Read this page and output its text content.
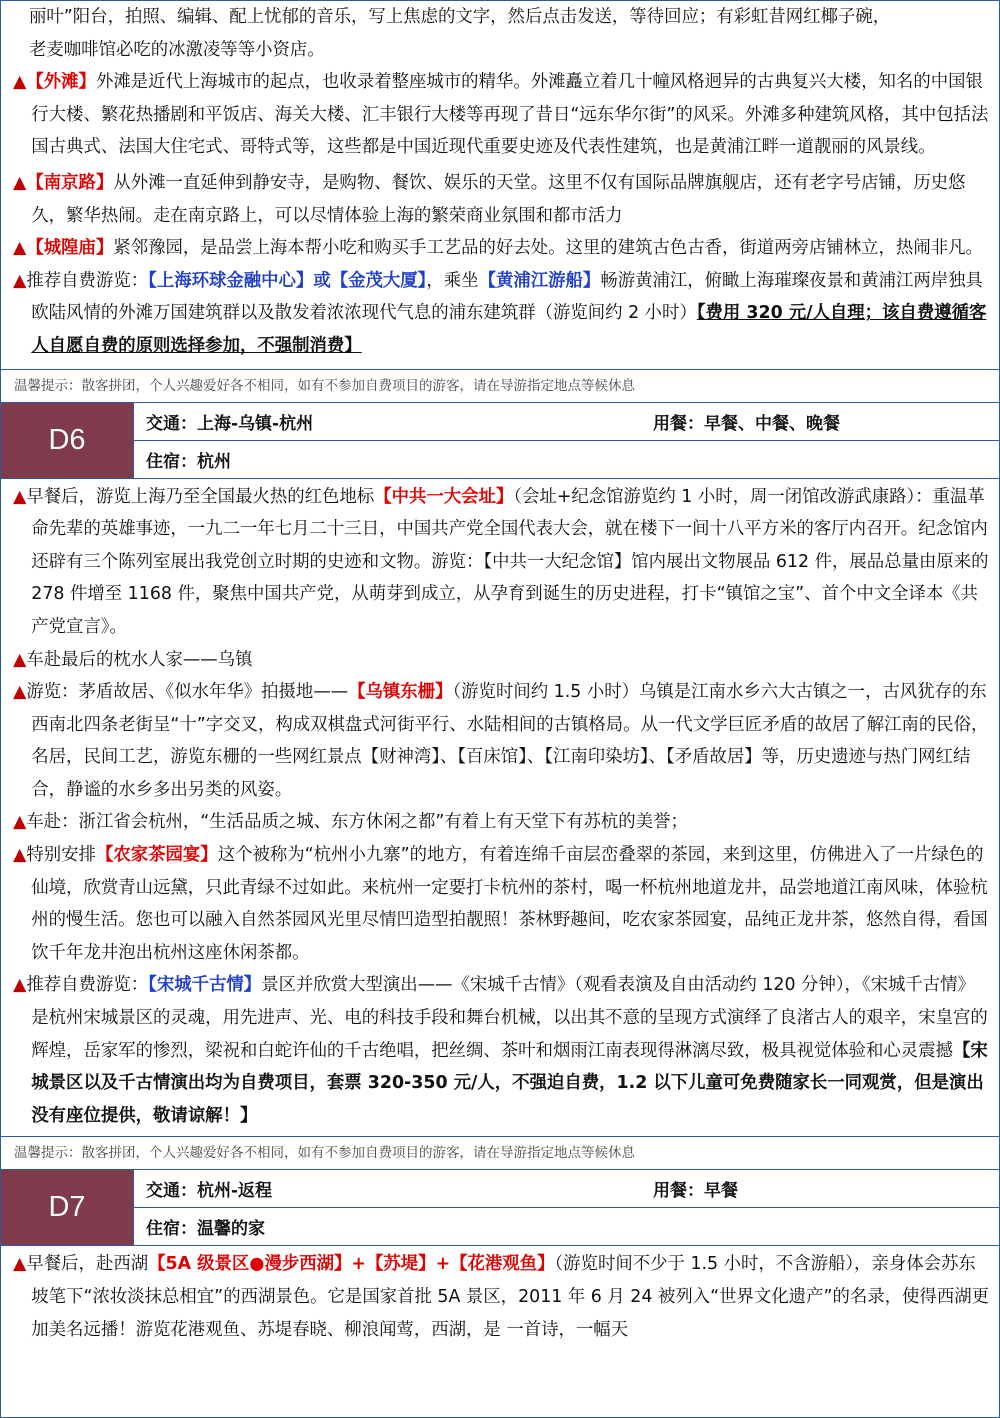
丽叶”阳台，拍照、编辑、配上忧郁的音乐，写上焦虑的文字，然后点击发送，等待回应；有彩虹昔网红椰子碗，
老麦咖啡馆必吃的冰激凌等等小资店。
▲【外滩】外滩是近代上海城市的起点，也收录着整座城市的精华。外滩矗立着几十幢风格迥异的古典复兴大楼，知名的中国银行大楼、繁花热播剧和平饭店、海关大楼、汇丰银行大楼等再现了昔日“远东华尔街”的风采。外滩多种建筑风格，其中包括法国古典式、法国大住宅式、哥特式等，这些都是中国近现代重要史迹及代表性建筑，也是黄浦江畔一道靓丽的风景线。
▲【南京路】从外滩一直延伸到静安寺，是购物、餐饮、娱乐的天堂。这里不仅有国际品牌旗舰店，还有老字号店铺，历史悠久，繁华热闹。走在南京路上，可以尽情体验上海的繁荣商业氛围和都市活力
▲【城隍庙】紧邻豫园，是品尝上海本帮小吃和购买手工艺品的好去处。这里的建筑古色古香，街道两旁店铺林立，热闹非凡。
▲推荐自费游览：【上海环球金融中心】或【金茂大厦】，乘坐【黄浦江游船】畅游黄浦江，俯瞰上海璀璨夜景和黄浦江两岸独具欧陆风情的外滩万国建筑群以及散发着浓浓现代气息的浦东建筑群（游览间约 2 小时）【费用 320 元/人自理；该自费遵循客人自愿自费的原则选择参加，不强制消费】
温馨提示：散客拼团，个人兴趣爱好各不相同，如有不参加自费项目的游客，请在导游指定地点等候休息
D6	交通：上海-乌镇-杭州	用餐：早餐、中餐、晚餐
住宿：杭州
▲早餐后，游览上海乃至全国最火热的红色地标【中共一大会址】（会址+纪念馆游览约 1 小时，周一闭馆改游武康路）：重温革命先辈的英雄事迹，一九二一年七月二十三日，中国共产党全国代表大会，就在楼下一间十八平方米的客厅内召开。纪念馆内还辟有三个陈列室展出我党创立时期的史迹和文物。游览：【中共一大纪念馆】馆内展出文物展品 612 件，展品总量由原来的 278 件增至 1168 件，聚焦中国共产党，从萌芽到成立，从孕育到诞生的历史进程，打卡“镇馆之宝”、首个中文全译本《共产党宣言》。
▲车赴最后的枕水人家——乌镇
▲游览：茅盾故居、《似水年华》拍摄地——【乌镇东栅】（游览时间约 1.5 小时）乌镇是江南水乡六大古镇之一，古风犹存的东西南北四条老街呈“十”字交叉，构成双棋盘式河街平行、水陆相间的古镇格局。从一代文学巨匠矛盾的故居了解江南的民俗，名居，民间工艺，游览东栅的一些网红景点【财神湾】、【百床馆】、【江南印染坊】、【矛盾故居】等，历史遗迹与热门网红结合，静谧的水乡多出另类的风姿。
▲车赴：浙江省会杭州，“生活品质之城、东方休闲之都”有着上有天堂下有苏杭的美誉；
▲特别安排【农家茶园宴】这个被称为“杭州小九寨”的地方，有着连绵千亩层峦叠翠的茶园，来到这里，仿佛进入了一片绿色的仙境，欣赏青山远黛，只此青绿不过如此。来杭州一定要打卡杭州的茶村，喝一杯杭州地道龙井，品尝地道江南风味，体验杭州的慢生活。您也可以融入自然茶园风光里尽情凹造型拍靓照！茶林野趣间，吃农家茶园宴，品纯正龙井茶，悠然自得，看国饮千年龙井泡出杭州这座休闲茶都。
▲推荐自费游览：【宋城千古情】景区并欣赏大型演出——《宋城千古情》（观看表演及自由活动约 120 分钟），《宋城千古情》是杭州宋城景区的灵魂，用先进声、光、电的科技手段和舞台机械，以出其不意的呈现方式演绎了良渚古人的艰辛，宋皇宫的辉煌，岳家军的惨烈，梁祝和白蛇许仙的千古绝唱，把丝绸、茶叶和烟雨江南表现得淋漓尽致，极具视觉体验和心灵震撼【宋城景区以及千古情演出均为自费项目，套票 320-350 元/人，不强迫自费，1.2 以下儿童可免费随家长一同观赏，但是演出没有座位提供，敬请谅解！】
温馨提示：散客拼团，个人兴趣爱好各不相同，如有不参加自费项目的游客，请在导游指定地点等候休息
D7	交通：杭州-返程	用餐：早餐
住宿：温馨的家
▲早餐后，赴西湖【5A 级景区●漫步西湖】+【苏堤】+【花港观鱼】（游览时间不少于 1.5 小时，不含游船），亲身体会苏东坡笔下“浓妆淡抹总相宜”的西湖景色。它是国家首批 5A 景区，2011 年 6 月 24 被列入“世界文化遗产”的名录，使得西湖更加美名远播！游览花港观鱼、苏堤春晓、柳浪闻莺，西湖，是 一首诗，一幅天
